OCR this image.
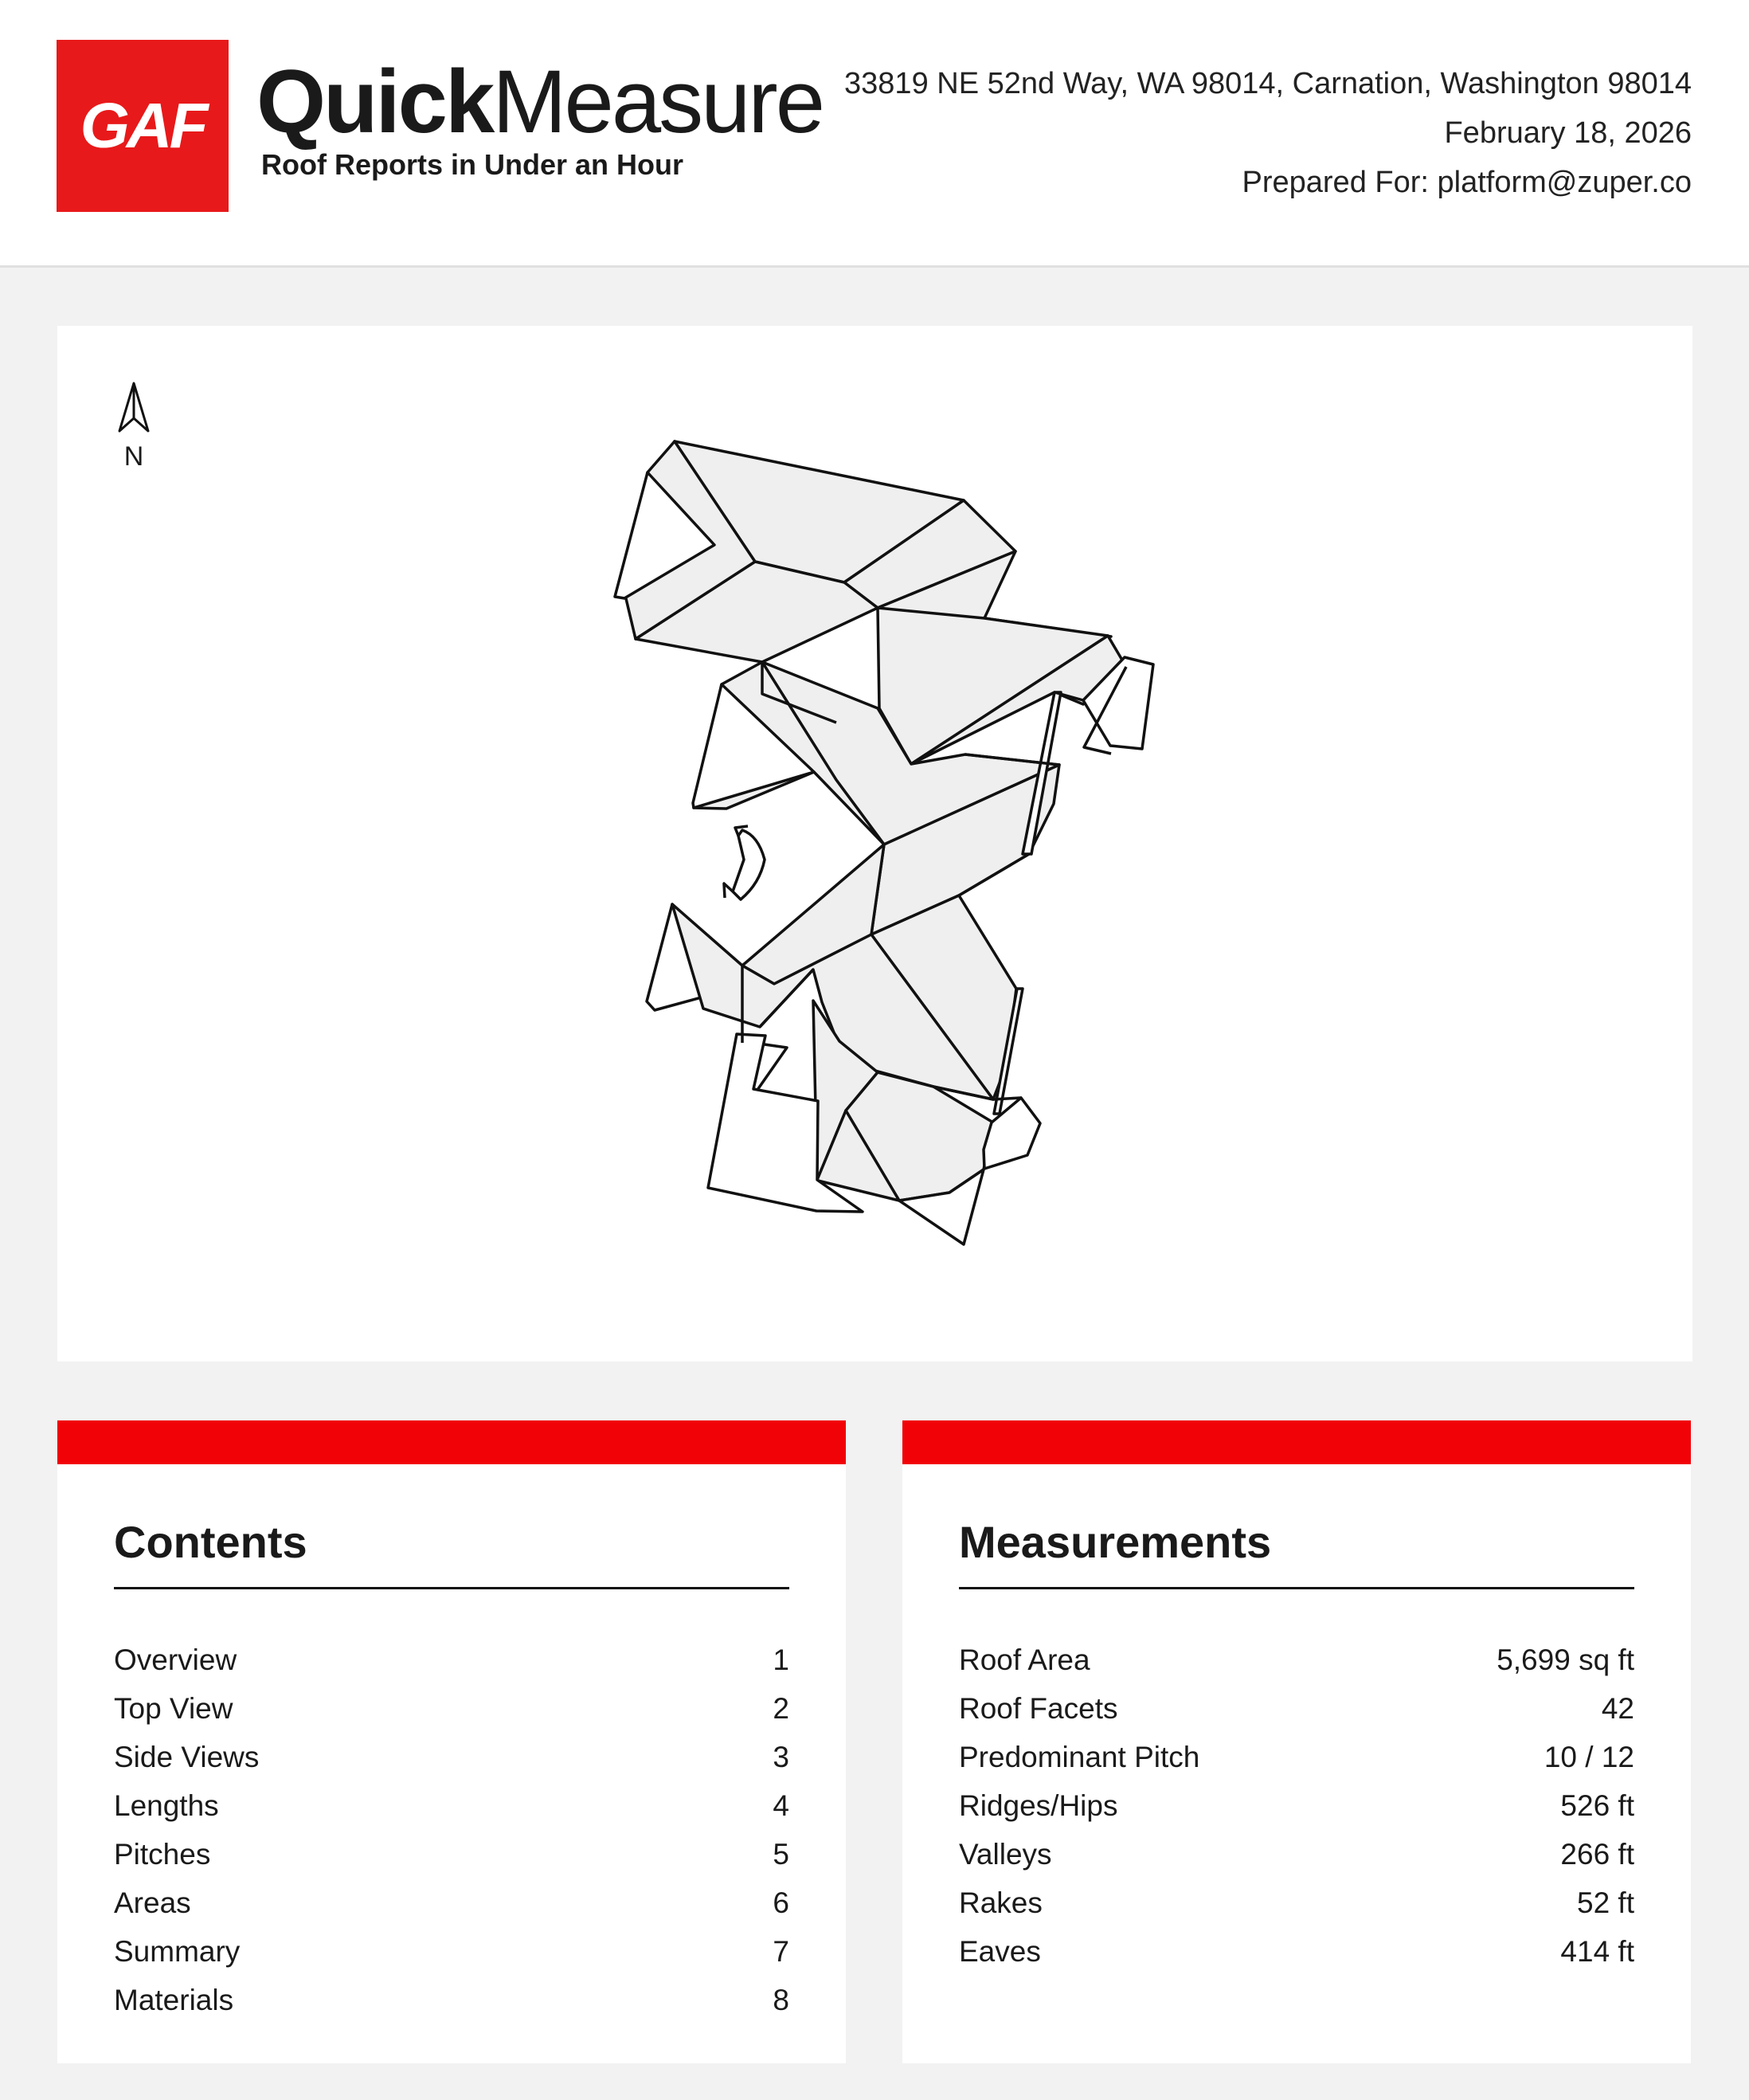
GAF QuickMeasure
Roof Reports in Under an Hour
33819 NE 52nd Way, WA 98014, Carnation, Washington 98014
February 18, 2026
Prepared For: platform@zuper.co
N
Contents
Overview	1
Top View	2
Side Views	3
Lengths	4
Pitches	5
Areas	6
Summary	7
Materials	8
Measurements
Roof Area	5,699 sq ft
Roof Facets	42
Predominant Pitch	10 / 12
Ridges/Hips	526 ft
Valleys	266 ft
Rakes	52 ft
Eaves	414 ft
